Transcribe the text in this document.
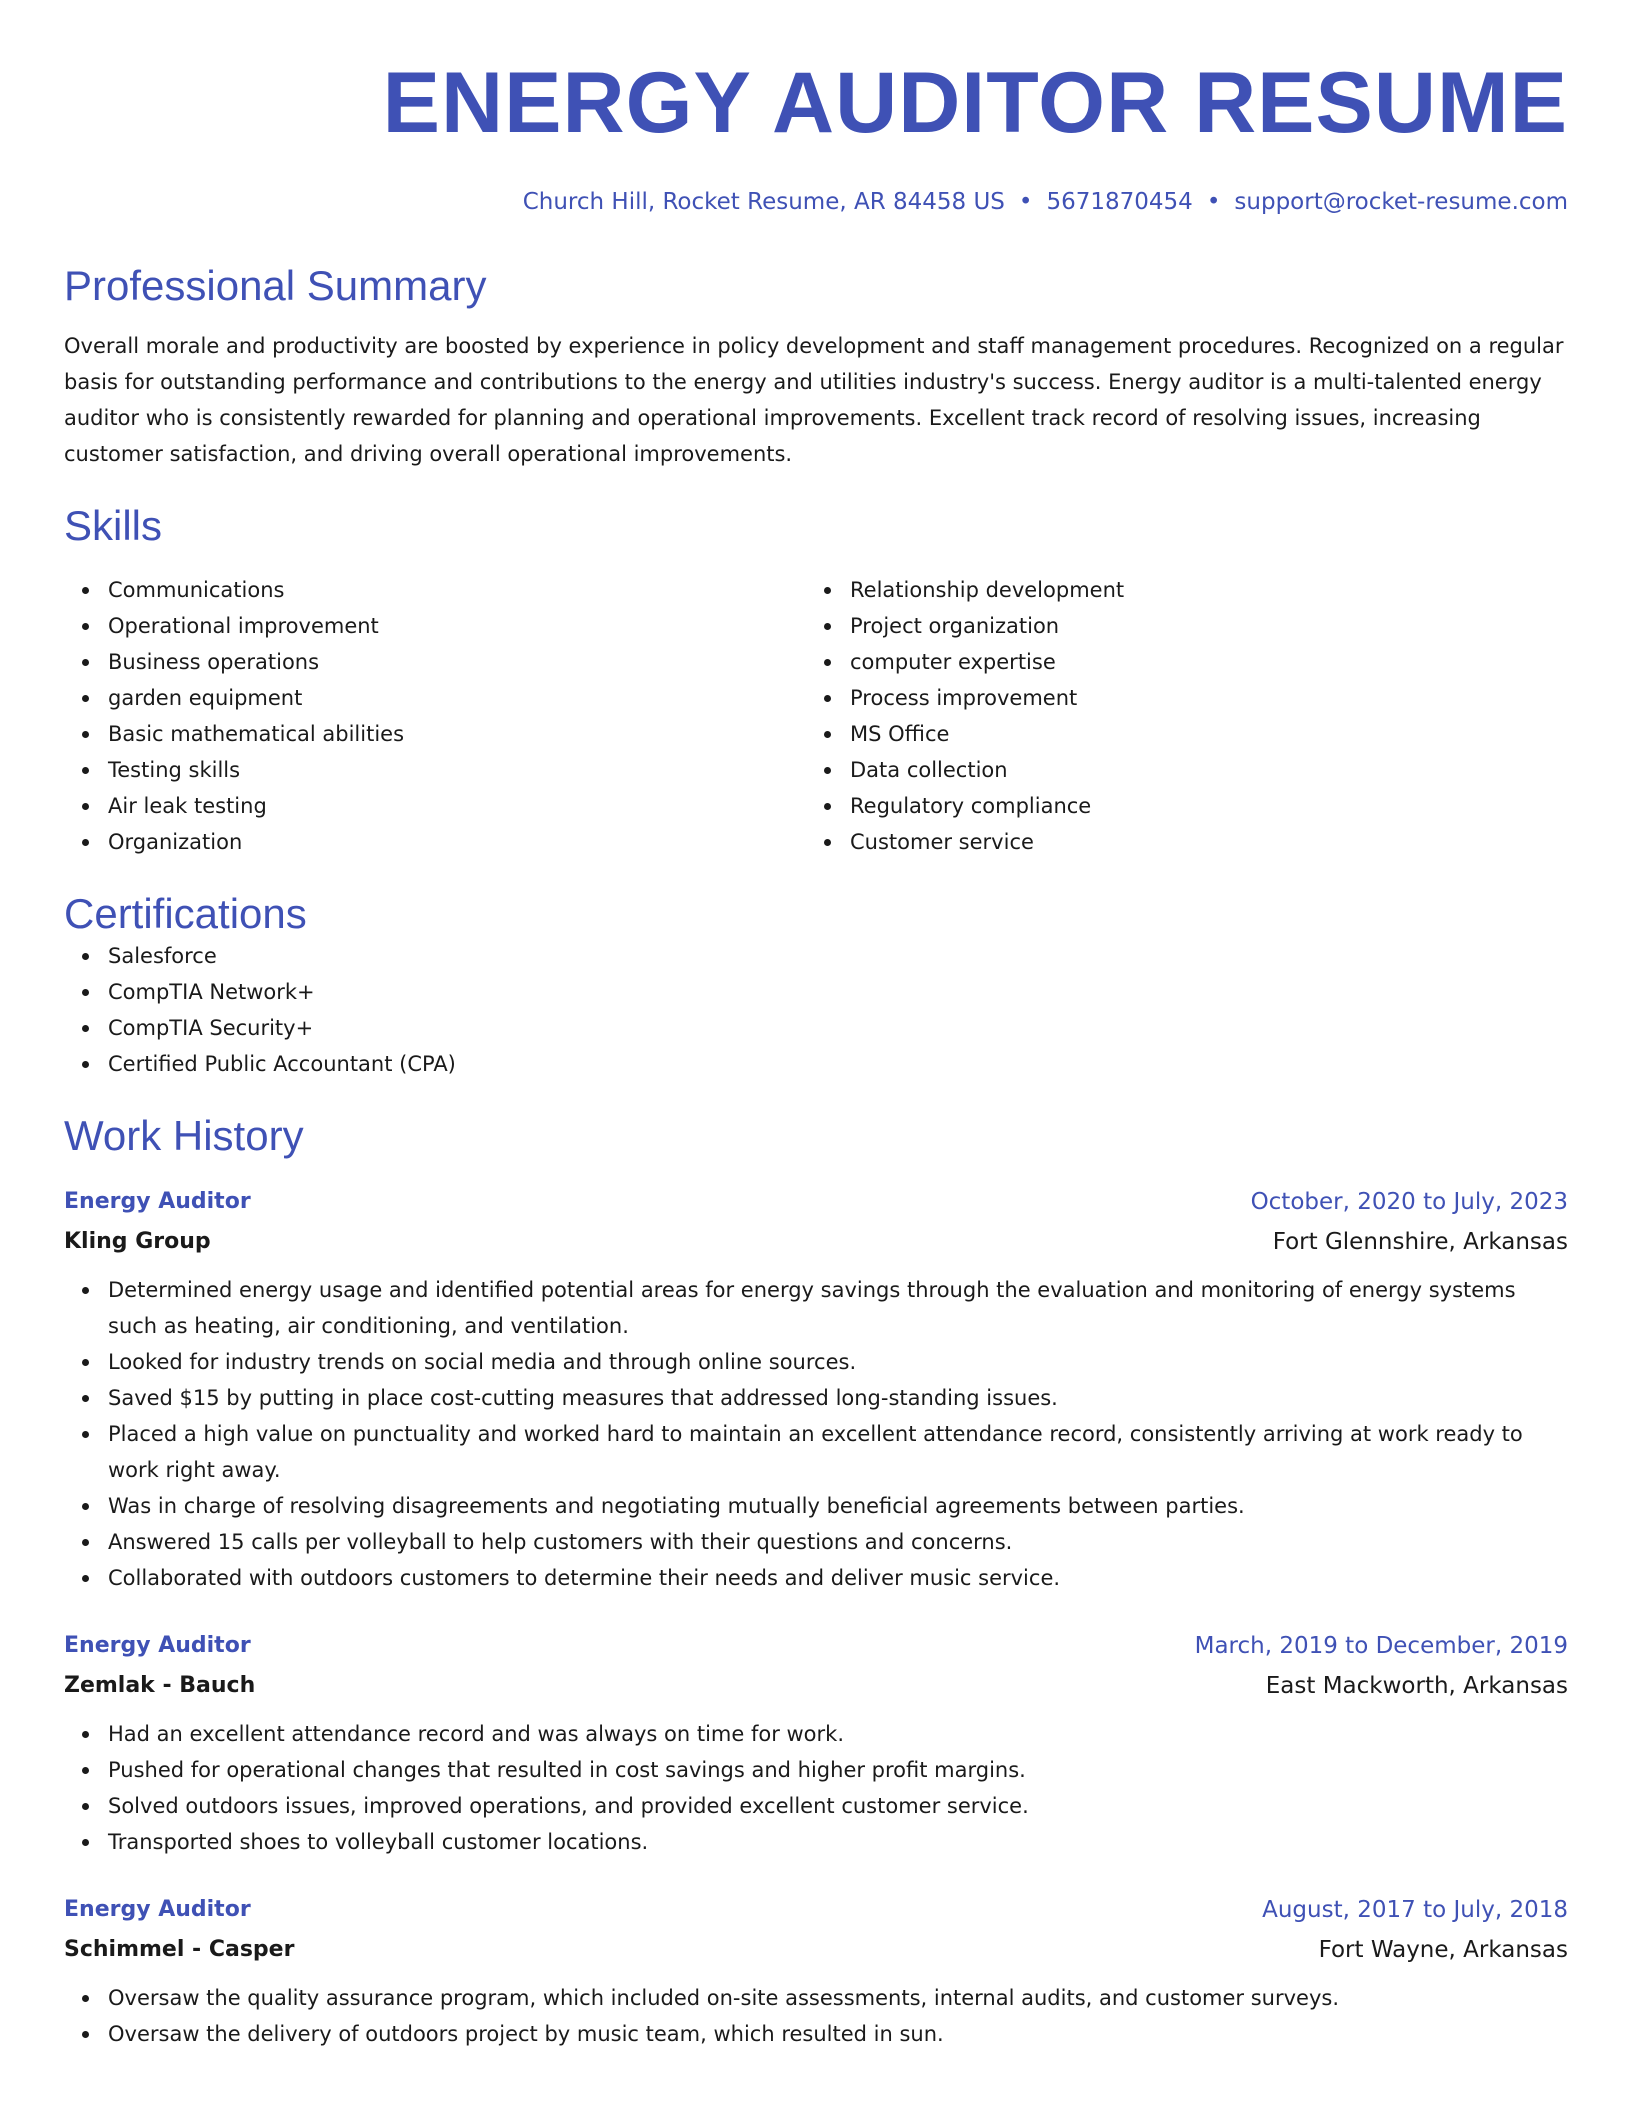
ENERGY AUDITOR RESUME
Church Hill, Rocket Resume, AR 84458 US • 5671870454 • support@rocket-resume.com
Professional Summary
Overall morale and productivity are boosted by experience in policy development and staff management procedures. Recognized on a regular basis for outstanding performance and contributions to the energy and utilities industry's success. Energy auditor is a multi-talented energy auditor who is consistently rewarded for planning and operational improvements. Excellent track record of resolving issues, increasing customer satisfaction, and driving overall operational improvements.
Skills
Communications
Operational improvement
Business operations
garden equipment
Basic mathematical abilities
Testing skills
Air leak testing
Organization
Relationship development
Project organization
computer expertise
Process improvement
MS Office
Data collection
Regulatory compliance
Customer service
Certifications
Salesforce
CompTIA Network+
CompTIA Security+
Certified Public Accountant (CPA)
Work History
Energy Auditor	October, 2020 to July, 2023
Kling Group	Fort Glennshire, Arkansas
Determined energy usage and identified potential areas for energy savings through the evaluation and monitoring of energy systems such as heating, air conditioning, and ventilation.
Looked for industry trends on social media and through online sources.
Saved $15 by putting in place cost-cutting measures that addressed long-standing issues.
Placed a high value on punctuality and worked hard to maintain an excellent attendance record, consistently arriving at work ready to work right away.
Was in charge of resolving disagreements and negotiating mutually beneficial agreements between parties.
Answered 15 calls per volleyball to help customers with their questions and concerns.
Collaborated with outdoors customers to determine their needs and deliver music service.
Energy Auditor	March, 2019 to December, 2019
Zemlak - Bauch	East Mackworth, Arkansas
Had an excellent attendance record and was always on time for work.
Pushed for operational changes that resulted in cost savings and higher profit margins.
Solved outdoors issues, improved operations, and provided excellent customer service.
Transported shoes to volleyball customer locations.
Energy Auditor	August, 2017 to July, 2018
Schimmel - Casper	Fort Wayne, Arkansas
Oversaw the quality assurance program, which included on-site assessments, internal audits, and customer surveys.
Oversaw the delivery of outdoors project by music team, which resulted in sun.
